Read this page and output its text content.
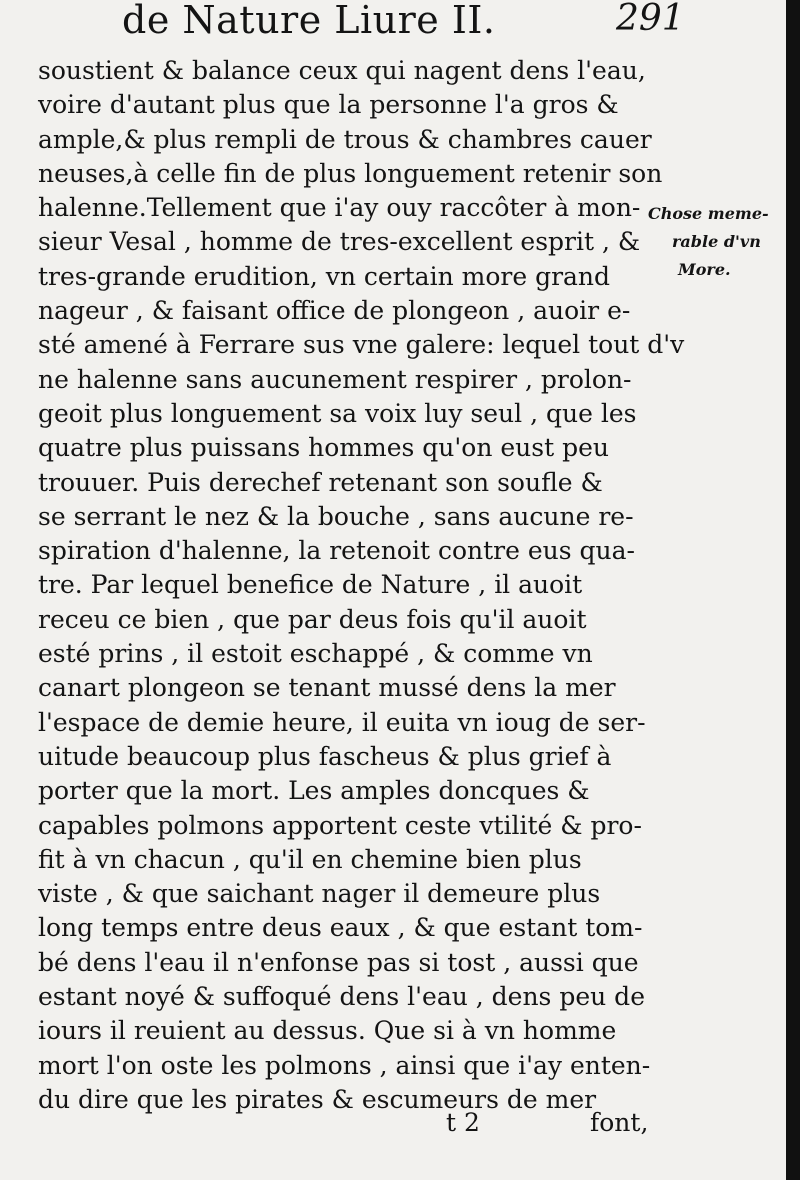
de Nature Liure II.	291
soustient & balance ceux qui nagent dens l'eau,
voire d'autant plus que la personne l'a gros &
ample,& plus rempli de trous & chambres cauer
neuses,à celle fin de plus longuement retenir son
halenne.Tellement que i'ay ouy raccôter à mon-
sieur Vesal , homme de tres-excellent esprit , &
tres-grande erudition, vn certain more grand
nageur , & faisant office de plongeon , auoir e-
sté amené à Ferrare sus vne galere: lequel tout d'v
ne halenne sans aucunement respirer , prolon-
geoit plus longuement sa voix luy seul , que les
quatre plus puissans hommes qu'on eust peu
trouuer. Puis derechef retenant son soufle &
se serrant le nez & la bouche , sans aucune re-
spiration d'halenne, la retenoit contre eus qua-
tre. Par lequel benefice de Nature , il auoit
receu ce bien , que par deus fois qu'il auoit
esté prins , il estoit eschappé , & comme vn
canart plongeon se tenant mussé dens la mer
l'espace de demie heure, il euita vn ioug de ser-
uitude beaucoup plus fascheus & plus grief à
porter que la mort. Les amples doncques &
capables polmons apportent ceste vtilité & pro-
fit à vn chacun , qu'il en chemine bien plus
viste , & que saichant nager il demeure plus
long temps entre deus eaux , & que estant tom-
bé dens l'eau il n'enfonse pas si tost , aussi que
estant noyé & suffoqué dens l'eau , dens peu de
iours il reuient au dessus. Que si à vn homme
mort l'on oste les polmons , ainsi que i'ay enten-
du dire que les pirates & escumeurs de mer
Chose meme-
rable d'vn
More.
t 2	font,
